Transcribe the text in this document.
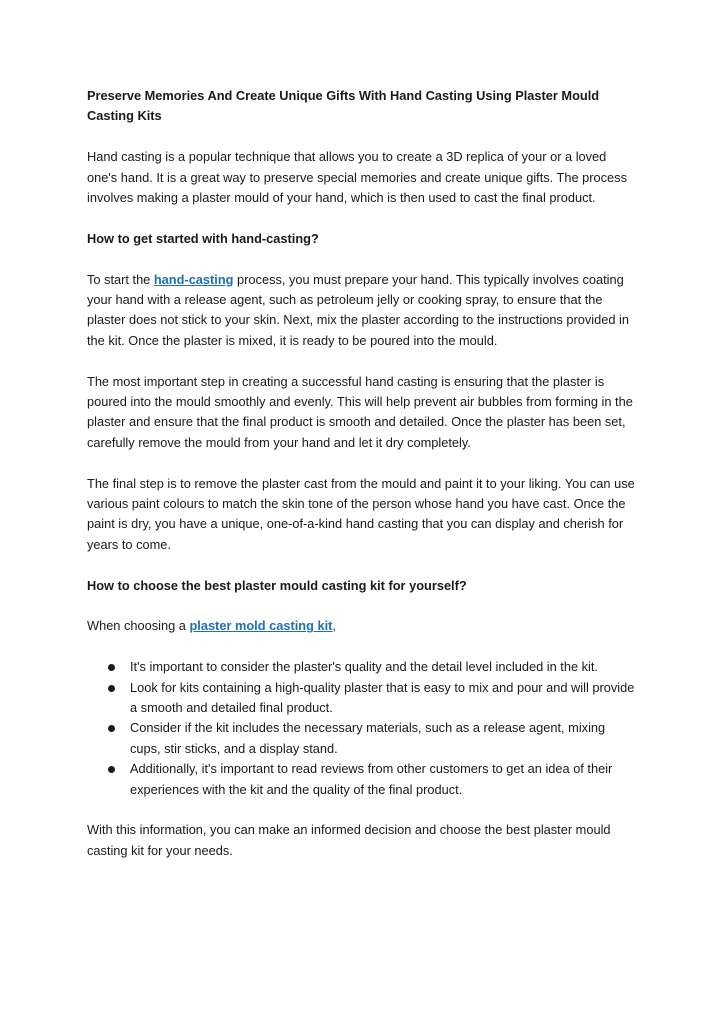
Preserve Memories And Create Unique Gifts With Hand Casting Using Plaster Mould Casting Kits

Hand casting is a popular technique that allows you to create a 3D replica of your or a loved one's hand. It is a great way to preserve special memories and create unique gifts. The process involves making a plaster mould of your hand, which is then used to cast the final product.

How to get started with hand-casting?

To start the hand-casting process, you must prepare your hand. This typically involves coating your hand with a release agent, such as petroleum jelly or cooking spray, to ensure that the plaster does not stick to your skin. Next, mix the plaster according to the instructions provided in the kit. Once the plaster is mixed, it is ready to be poured into the mould.

The most important step in creating a successful hand casting is ensuring that the plaster is poured into the mould smoothly and evenly. This will help prevent air bubbles from forming in the plaster and ensure that the final product is smooth and detailed. Once the plaster has been set, carefully remove the mould from your hand and let it dry completely.

The final step is to remove the plaster cast from the mould and paint it to your liking. You can use various paint colours to match the skin tone of the person whose hand you have cast. Once the paint is dry, you have a unique, one-of-a-kind hand casting that you can display and cherish for years to come.

How to choose the best plaster mould casting kit for yourself?

When choosing a plaster mold casting kit,

It's important to consider the plaster's quality and the detail level included in the kit.
Look for kits containing a high-quality plaster that is easy to mix and pour and will provide a smooth and detailed final product.
Consider if the kit includes the necessary materials, such as a release agent, mixing cups, stir sticks, and a display stand.
Additionally, it's important to read reviews from other customers to get an idea of their experiences with the kit and the quality of the final product.

With this information, you can make an informed decision and choose the best plaster mould casting kit for your needs.
